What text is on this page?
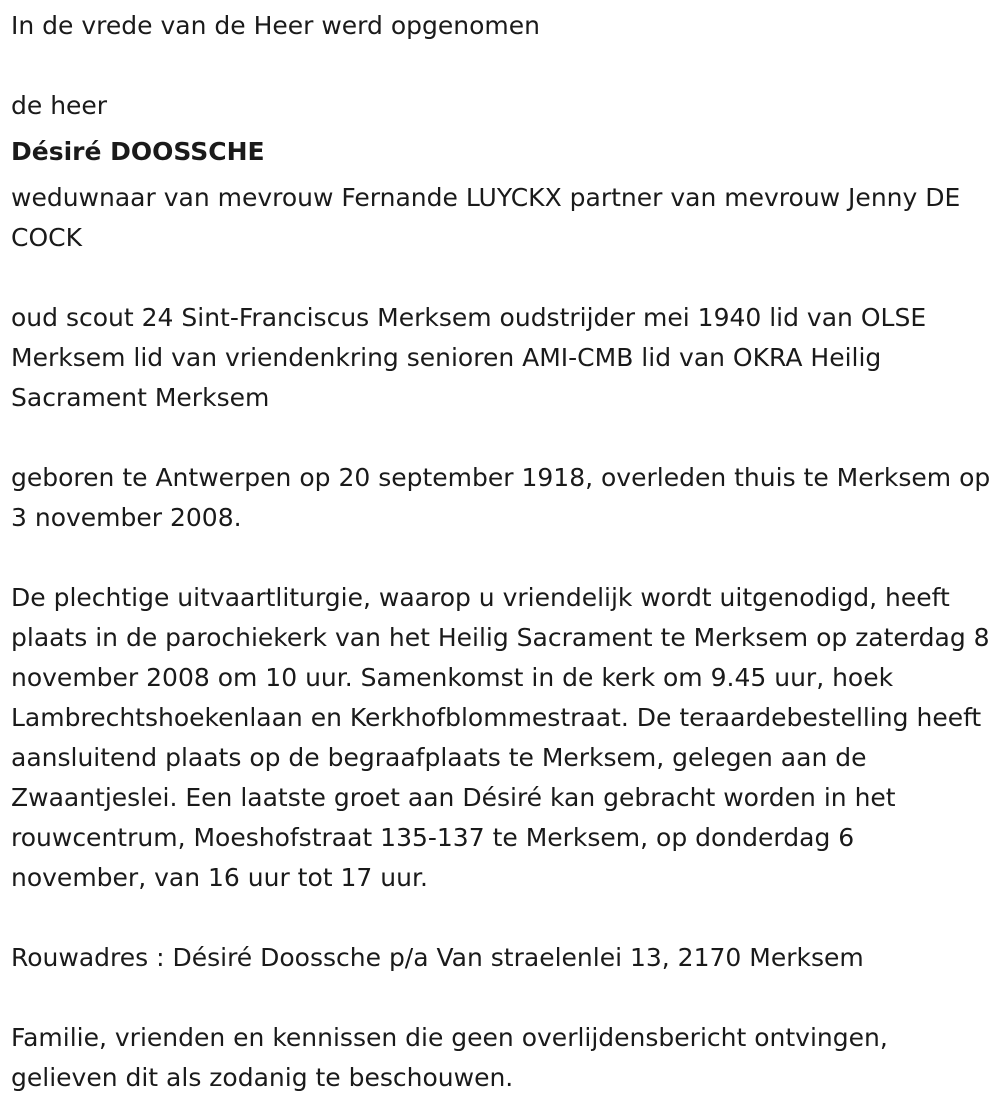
In de vrede van de Heer werd opgenomen

de heer

Désiré DOOSSCHE

weduwnaar van mevrouw Fernande LUYCKX partner van mevrouw Jenny DE COCK

oud scout 24 Sint-Franciscus Merksem oudstrijder mei 1940 lid van OLSE Merksem lid van vriendenkring senioren AMI-CMB lid van OKRA Heilig Sacrament Merksem

geboren te Antwerpen op 20 september 1918, overleden thuis te Merksem op 3 november 2008.

De plechtige uitvaartliturgie, waarop u vriendelijk wordt uitgenodigd, heeft plaats in de parochiekerk van het Heilig Sacrament te Merksem op zaterdag 8 november 2008 om 10 uur. Samenkomst in de kerk om 9.45 uur, hoek Lambrechtshoekenlaan en Kerkhofblommestraat. De teraardebestelling heeft aansluitend plaats op de begraafplaats te Merksem, gelegen aan de Zwaantjeslei. Een laatste groet aan Désiré kan gebracht worden in het rouwcentrum, Moeshofstraat 135-137 te Merksem, op donderdag 6 november, van 16 uur tot 17 uur.

Rouwadres : Désiré Doossche p/a Van straelenlei 13, 2170 Merksem

Familie, vrienden en kennissen die geen overlijdensbericht ontvingen, gelieven dit als zodanig te beschouwen.
